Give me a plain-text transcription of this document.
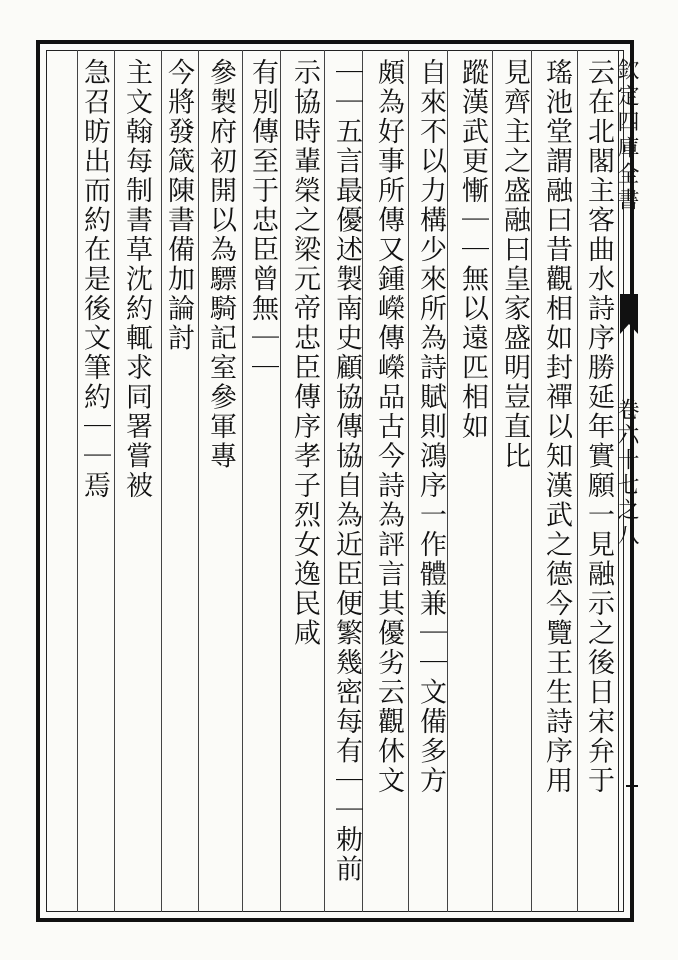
欽定四庫全書
卷六十七之八
云在北閣主客曲水詩序勝延年實願一見融示之後日宋弁于
瑤池堂謂融曰昔觀相如封禪以知漢武之德今覽王生詩序用
見齊主之盛融曰皇家盛明豈直比
蹤漢武更慚｜｜無以遠匹相如
自來不以力構少來所為詩賦則鴻序一作體兼｜｜文備多方
頗為好事所傳又鍾嶸傳嶸品古今詩為評言其優劣云觀休文
｜｜五言最優述製南史顧協傳協自為近臣便繁幾密每有｜｜勅前
示協時輩榮之梁元帝忠臣傳序孝子烈女逸民咸
有別傳至于忠臣曾無｜｜
參製府初開以為驃騎記室參軍專
今將發箴陳書備加論討
主文翰每制書草沈約輒求同署嘗被
急召昉出而約在是後文筆約｜｜焉
